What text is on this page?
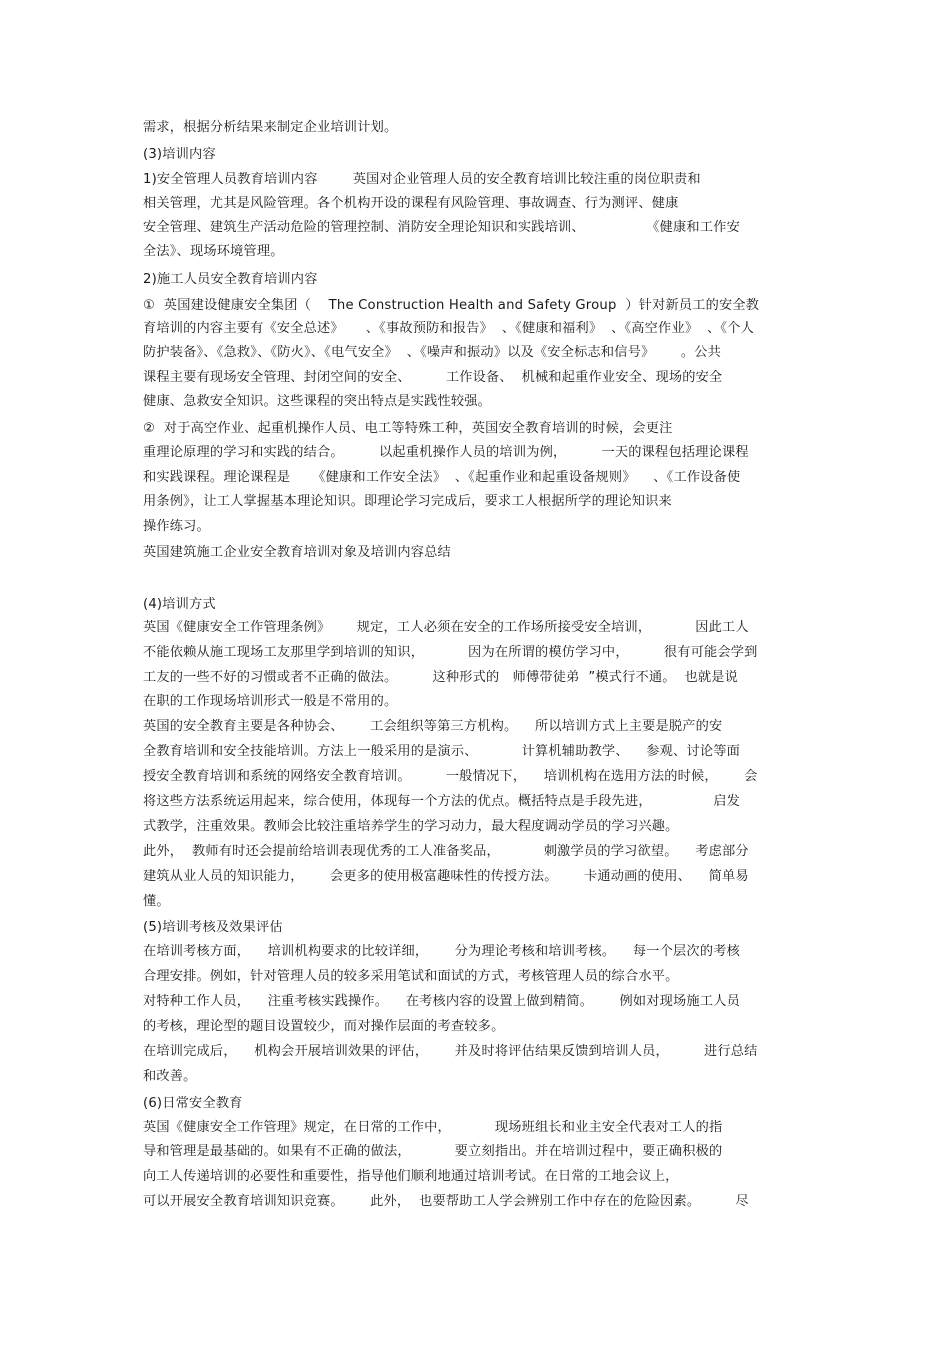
需求，根据分析结果来制定企业培训计划。
(3)培训内容
1)安全管理人员教育培训内容        英国对企业管理人员的安全教育培训比较注重的岗位职责和
相关管理，尤其是风险管理。各个机构开设的课程有风险管理、事故调查、行为测评、健康
安全管理、建筑生产活动危险的管理控制、消防安全理论知识和实践培训、              《健康和工作安
全法》、现场环境管理。
2)施工人员安全教育培训内容
①  英国建设健康安全集团（    The Construction Health and Safety Group  ）针对新员工的安全教
育培训的内容主要有《安全总述》     、《事故预防和报告》  、《健康和福利》  、《高空作业》  、《个人
防护装备》、《急救》、《防火》、《电气安全》  、《噪声和振动》以及《安全标志和信号》      。公共
课程主要有现场安全管理、封闭空间的安全、        工作设备、  机械和起重作业安全、现场的安全
健康、急救安全知识。这些课程的突出特点是实践性较强。
②  对于高空作业、起重机操作人员、电工等特殊工种，英国安全教育培训的时候，会更注
重理论原理的学习和实践的结合。        以起重机操作人员的培训为例，        一天的课程包括理论课程
和实践课程。理论课程是     《健康和工作安全法》  、《起重作业和起重设备规则》    、《工作设备使
用条例》，让工人掌握基本理论知识。即理论学习完成后，要求工人根据所学的理论知识来
操作练习。
英国建筑施工企业安全教育培训对象及培训内容总结
(4)培训方式
英国《健康安全工作管理条例》      规定，工人必须在安全的工作场所接受安全培训，          因此工人
不能依赖从施工现场工友那里学到培训的知识，          因为在所谓的模仿学习中，        很有可能会学到
工友的一些不好的习惯或者不正确的做法。        这种形式的   师傅带徒弟  ”模式行不通。  也就是说
在职的工作现场培训形式一般是不常用的。
英国的安全教育主要是各种协会、      工会组织等第三方机构。    所以培训方式上主要是脱产的安
全教育培训和安全技能培训。方法上一般采用的是演示、          计算机辅助教学、    参观、讨论等面
授安全教育培训和系统的网络安全教育培训。        一般情况下，    培训机构在选用方法的时候，      会
将这些方法系统运用起来，综合使用，体现每一个方法的优点。概括特点是手段先进，              启发
式教学，注重效果。教师会比较注重培养学生的学习动力，最大程度调动学员的学习兴趣。
此外，  教师有时还会提前给培训表现优秀的工人准备奖品，          刺激学员的学习欲望。    考虑部分
建筑从业人员的知识能力，      会更多的使用极富趣味性的传授方法。      卡通动画的使用、    简单易
懂。
(5)培训考核及效果评估
在培训考核方面，    培训机构要求的比较详细，      分为理论考核和培训考核。    每一个层次的考核
合理安排。例如，针对管理人员的较多采用笔试和面试的方式，考核管理人员的综合水平。
对特种工作人员，    注重考核实践操作。    在考核内容的设置上做到精简。      例如对现场施工人员
的考核，理论型的题目设置较少，而对操作层面的考查较多。
在培训完成后，    机构会开展培训效果的评估，      并及时将评估结果反馈到培训人员，        进行总结
和改善。
(6)日常安全教育
英国《健康安全工作管理》规定，在日常的工作中，          现场班组长和业主安全代表对工人的指
导和管理是最基础的。如果有不正确的做法，          要立刻指出。并在培训过程中，要正确积极的
向工人传递培训的必要性和重要性，指导他们顺利地通过培训考试。在日常的工地会议上，
可以开展安全教育培训知识竞赛。      此外，  也要帮助工人学会辨别工作中存在的危险因素。        尽
